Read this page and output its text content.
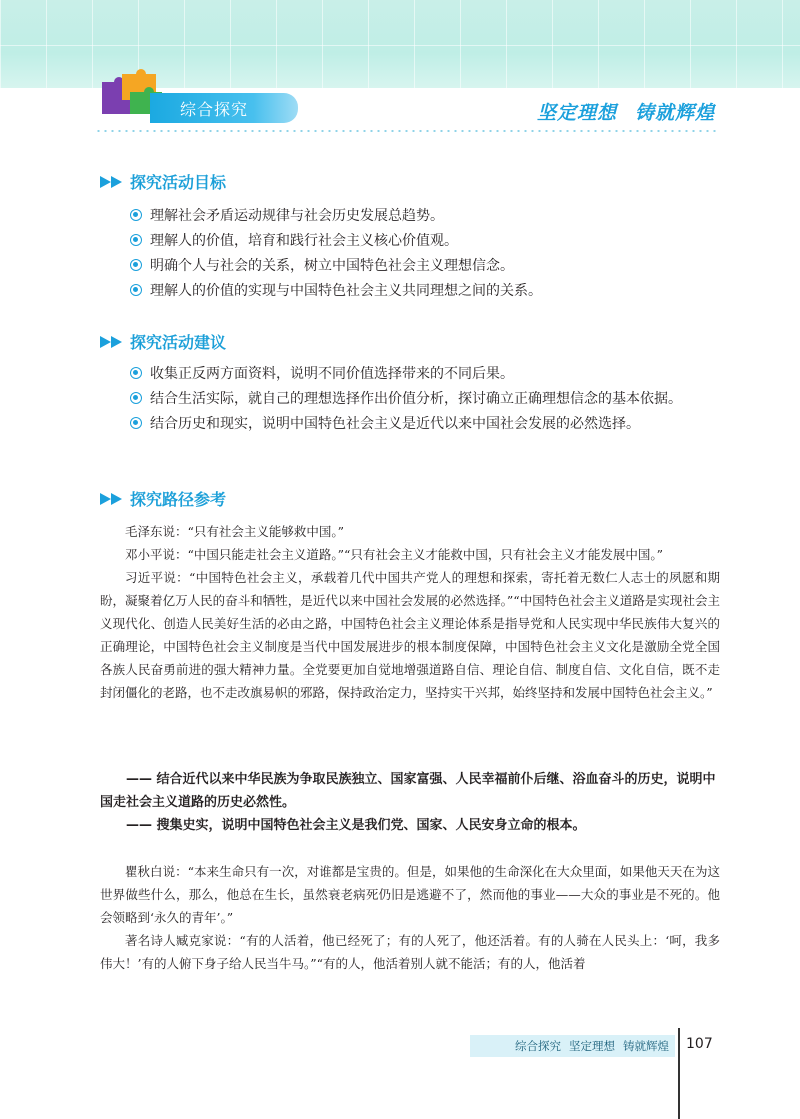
综合探究	坚定理想 铸就辉煌
探究活动目标
理解社会矛盾运动规律与社会历史发展总趋势。
理解人的价值，培育和践行社会主义核心价值观。
明确个人与社会的关系，树立中国特色社会主义理想信念。
理解人的价值的实现与中国特色社会主义共同理想之间的关系。
探究活动建议
收集正反两方面资料，说明不同价值选择带来的不同后果。
结合生活实际，就自己的理想选择作出价值分析，探讨确立正确理想信念的基本依据。
结合历史和现实，说明中国特色社会主义是近代以来中国社会发展的必然选择。
探究路径参考

毛泽东说：“只有社会主义能够救中国。”

邓小平说：“中国只能走社会主义道路。”“只有社会主义才能救中国，只有社会主义才能发展中国。”

习近平说：“中国特色社会主义，承载着几代中国共产党人的理想和探索，寄托着无数仁人志士的夙愿和期盼，凝聚着亿万人民的奋斗和牺牲，是近代以来中国社会发展的必然选择。”“中国特色社会主义道路是实现社会主义现代化、创造人民美好生活的必由之路，中国特色社会主义理论体系是指导党和人民实现中华民族伟大复兴的正确理论，中国特色社会主义制度是当代中国发展进步的根本制度保障，中国特色社会主义文化是激励全党全国各族人民奋勇前进的强大精神力量。全党要更加自觉地增强道路自信、理论自信、制度自信、文化自信，既不走封闭僵化的老路，也不走改旗易帜的邪路，保持政治定力，坚持实干兴邦，始终坚持和发展中国特色社会主义。”

—— 结合近代以来中华民族为争取民族独立、国家富强、人民幸福前仆后继、浴血奋斗的历史，说明中国走社会主义道路的历史必然性。

—— 搜集史实，说明中国特色社会主义是我们党、国家、人民安身立命的根本。

瞿秋白说：“本来生命只有一次，对谁都是宝贵的。但是，如果他的生命深化在大众里面，如果他天天在为这世界做些什么，那么，他总在生长，虽然衰老病死仍旧是逃避不了，然而他的事业——大众的事业是不死的。他会领略到‘永久的青年’。”

著名诗人臧克家说：“有的人活着，他已经死了；有的人死了，他还活着。有的人骑在人民头上：‘呵，我多伟大！’有的人俯下身子给人民当牛马。”“有的人，他活着别人就不能活；有的人，他活着

综合探究 坚定理想 铸就辉煌 107
